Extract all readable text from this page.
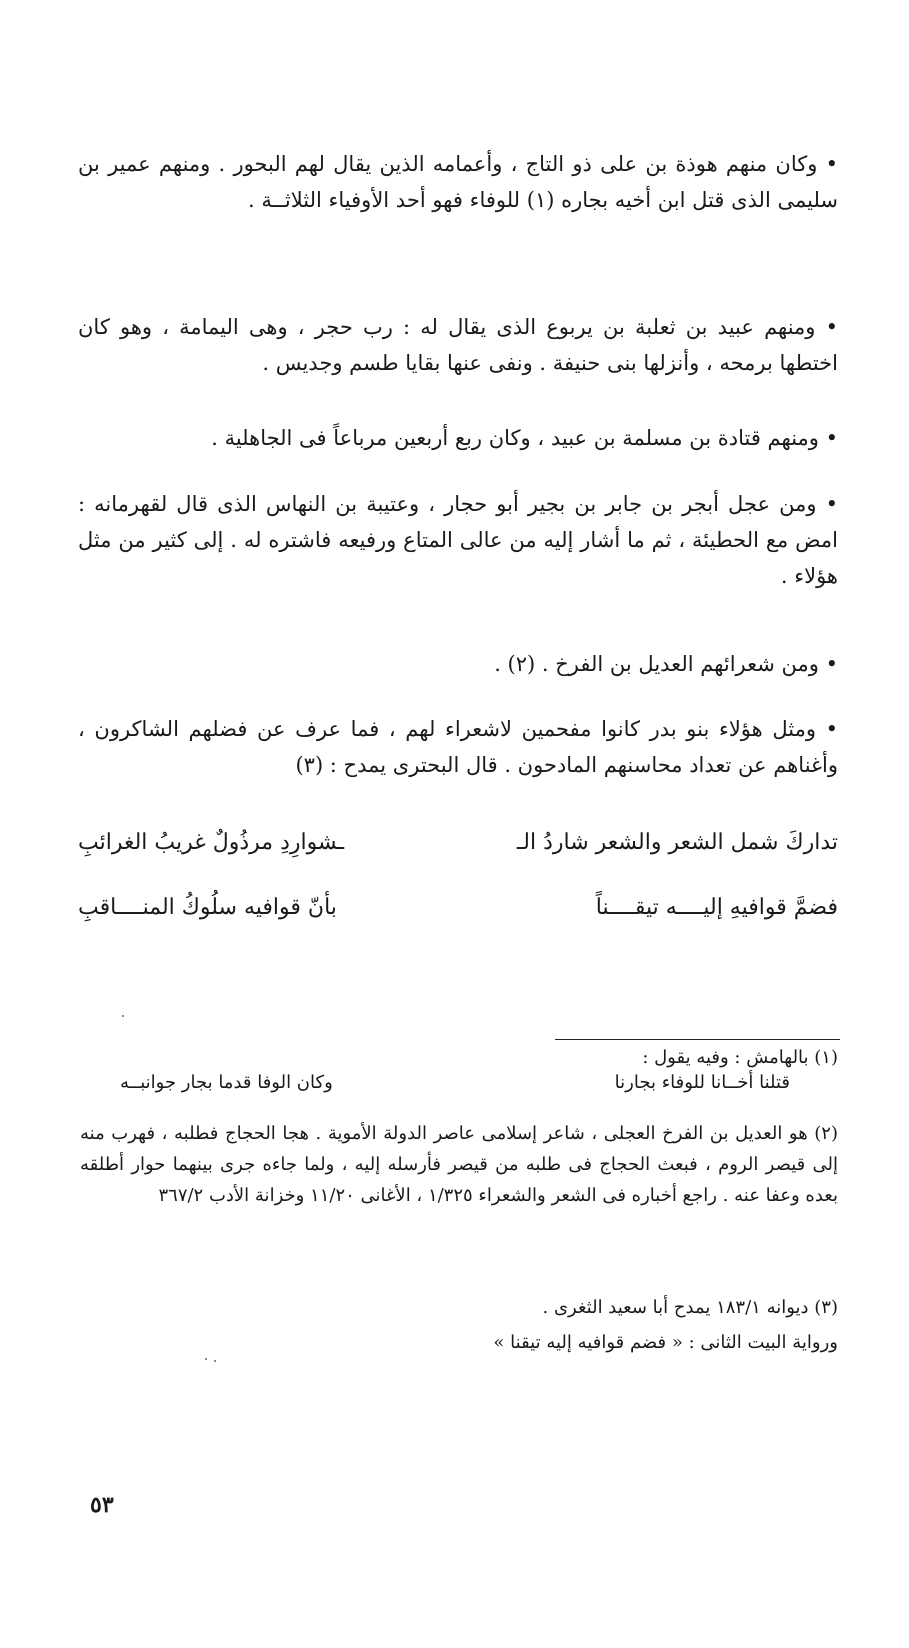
• وكان منهم هوذة بن على ذو التاج ، وأعمامه الذين يقال لهم البحور . ومنهم عمير بن سليمى الذى قتل ابن أخيه بجاره (١) للوفاء فهو أحد الأوفياء الثلاثــة .
• ومنهم عبيد بن ثعلبة بن يربوع الذى يقال له : رب حجر ، وهى اليمامة ، وهو كان اختطها برمحه ، وأنزلها بنى حنيفة . ونفى عنها بقايا طسم وجديس .
• ومنهم قتادة بن مسلمة بن عبيد ، وكان ربع أربعين مرباعاً فى الجاهلية .
• ومن عجل أبجر بن جابر بن بجير أبو حجار ، وعتيبة بن النهاس الذى قال لقهرمانه : امض مع الحطيئة ، ثم ما أشار إليه من عالى المتاع ورفيعه فاشتره له . إلى كثير من مثل هؤلاء .
• ومن شعرائهم العديل بن الفرخ . (٢) .
• ومثل هؤلاء بنو بدر كانوا مفحمين لاشعراء لهم ، فما عرف عن فضلهم الشاكرون ، وأغناهم عن تعداد محاسنهم المادحون . قال البحترى يمدح : (٣)
تداركَ شمل الشعر والشعر شاردُ الـ
ـشوارِدِ مرذُولٌ غريبُ الغرائبِ
فضمَّ قوافيهِ إليــــه تيقــــناً
بأنّ قوافيه سلُوكُ المنــــاقبِ
(١) بالهامش : وفيه يقول :
قتلنا أخــانا للوفاء بجارنا
وكان الوفا قدما بجار جوانبــه
(٢) هو العديل بن الفرخ العجلى ، شاعر إسلامى عاصر الدولة الأموية . هجا الحجاج فطلبه ، فهرب منه إلى قيصر الروم ، فبعث الحجاج فى طلبه من قيصر فأرسله إليه ، ولما جاءه جرى بينهما حوار أطلقه بعده وعفا عنه . راجع أخباره فى الشعر والشعراء ١/٣٢٥ ، الأغانى ١١/٢٠ وخزانة الأدب ٣٦٧/٢
(٣) ديوانه ١٨٣/١ يمدح أبا سعيد الثغرى .
ورواية البيت الثانى : « فضم قوافيه إليه تيقنا »
٥٣
